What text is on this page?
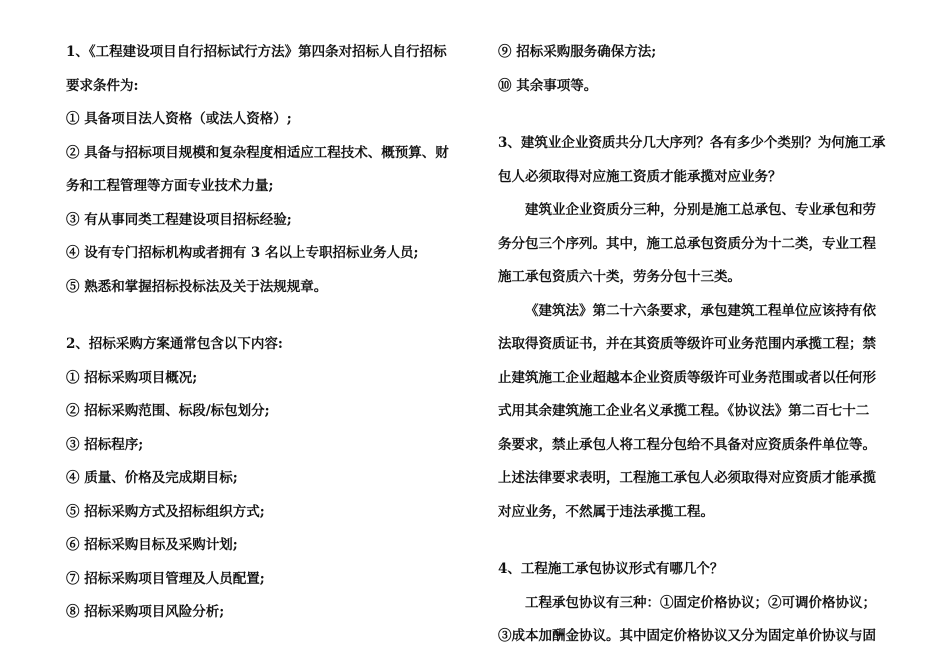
1、《工程建设项目自行招标试行方法》第四条对招标人自行招标
要求条件为:
① 具备项目法人资格（或法人资格）;
② 具备与招标项目规模和复杂程度相适应工程技术、概预算、财
务和工程管理等方面专业技术力量;
③ 有从事同类工程建设项目招标经验;
④ 设有专门招标机构或者拥有 3 名以上专职招标业务人员;
⑤ 熟悉和掌握招标投标法及关于法规规章。
2、招标采购方案通常包含以下内容:
① 招标采购项目概况;
② 招标采购范围、标段/标包划分;
③ 招标程序;
④ 质量、价格及完成期目标;
⑤ 招标采购方式及招标组织方式;
⑥ 招标采购目标及采购计划;
⑦ 招标采购项目管理及人员配置;
⑧ 招标采购项目风险分析;
⑨ 招标采购服务确保方法;
⑩ 其余事项等。
3、建筑业企业资质共分几大序列？各有多少个类别？为何施工承
包人必须取得对应施工资质才能承揽对应业务？
建筑业企业资质分三种，分别是施工总承包、专业承包和劳
务分包三个序列。其中，施工总承包资质分为十二类，专业工程
施工承包资质六十类，劳务分包十三类。
《建筑法》第二十六条要求，承包建筑工程单位应该持有依
法取得资质证书，并在其资质等级许可业务范围内承揽工程；禁
止建筑施工企业超越本企业资质等级许可业务范围或者以任何形
式用其余建筑施工企业名义承揽工程。《协议法》第二百七十二
条要求，禁止承包人将工程分包给不具备对应资质条件单位等。
上述法律要求表明，工程施工承包人必须取得对应资质才能承揽
对应业务，不然属于违法承揽工程。
4、工程施工承包协议形式有哪几个？
工程承包协议有三种：①固定价格协议；②可调价格协议；
③成本加酬金协议。其中固定价格协议又分为固定单价协议与固
